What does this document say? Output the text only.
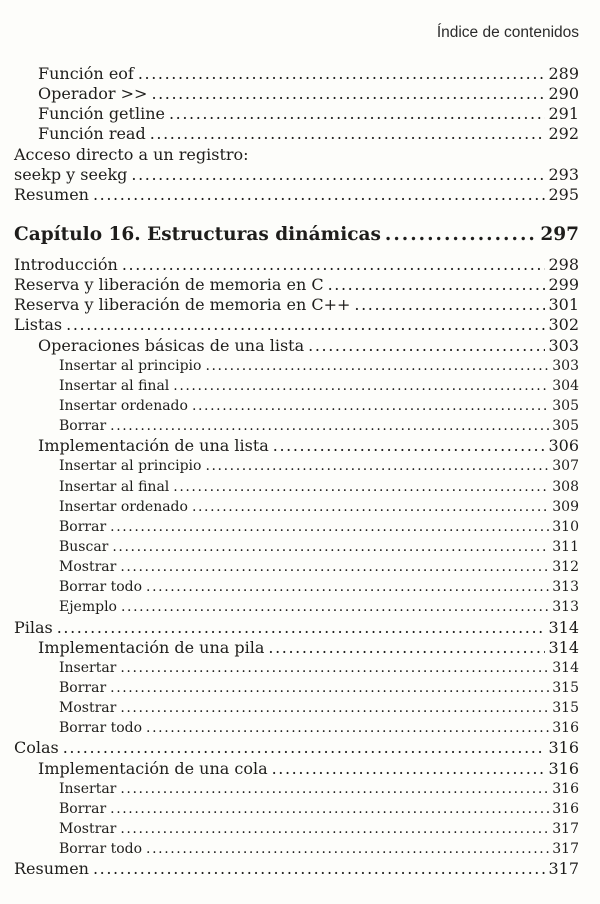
Índice de contenidos
Función eof .....	289
Operador >> .....	290
Función getline .....	291
Función read .....	292
Acceso directo a un registro:
seekp y seekg .....	293
Resumen .....	295
Capítulo 16. Estructuras dinámicas .....	297
Introducción .....	298
Reserva y liberación de memoria en C .....	299
Reserva y liberación de memoria en C++ .....	301
Listas .....	302
Operaciones básicas de una lista .....	303
Insertar al principio .....	303
Insertar al final .....	304
Insertar ordenado .....	305
Borrar .....	305
Implementación de una lista .....	306
Insertar al principio .....	307
Insertar al final .....	308
Insertar ordenado .....	309
Borrar .....	310
Buscar .....	311
Mostrar .....	312
Borrar todo .....	313
Ejemplo .....	313
Pilas .....	314
Implementación de una pila .....	314
Insertar .....	314
Borrar .....	315
Mostrar .....	315
Borrar todo .....	316
Colas .....	316
Implementación de una cola .....	316
Insertar .....	316
Borrar .....	316
Mostrar .....	317
Borrar todo .....	317
Resumen .....	317
